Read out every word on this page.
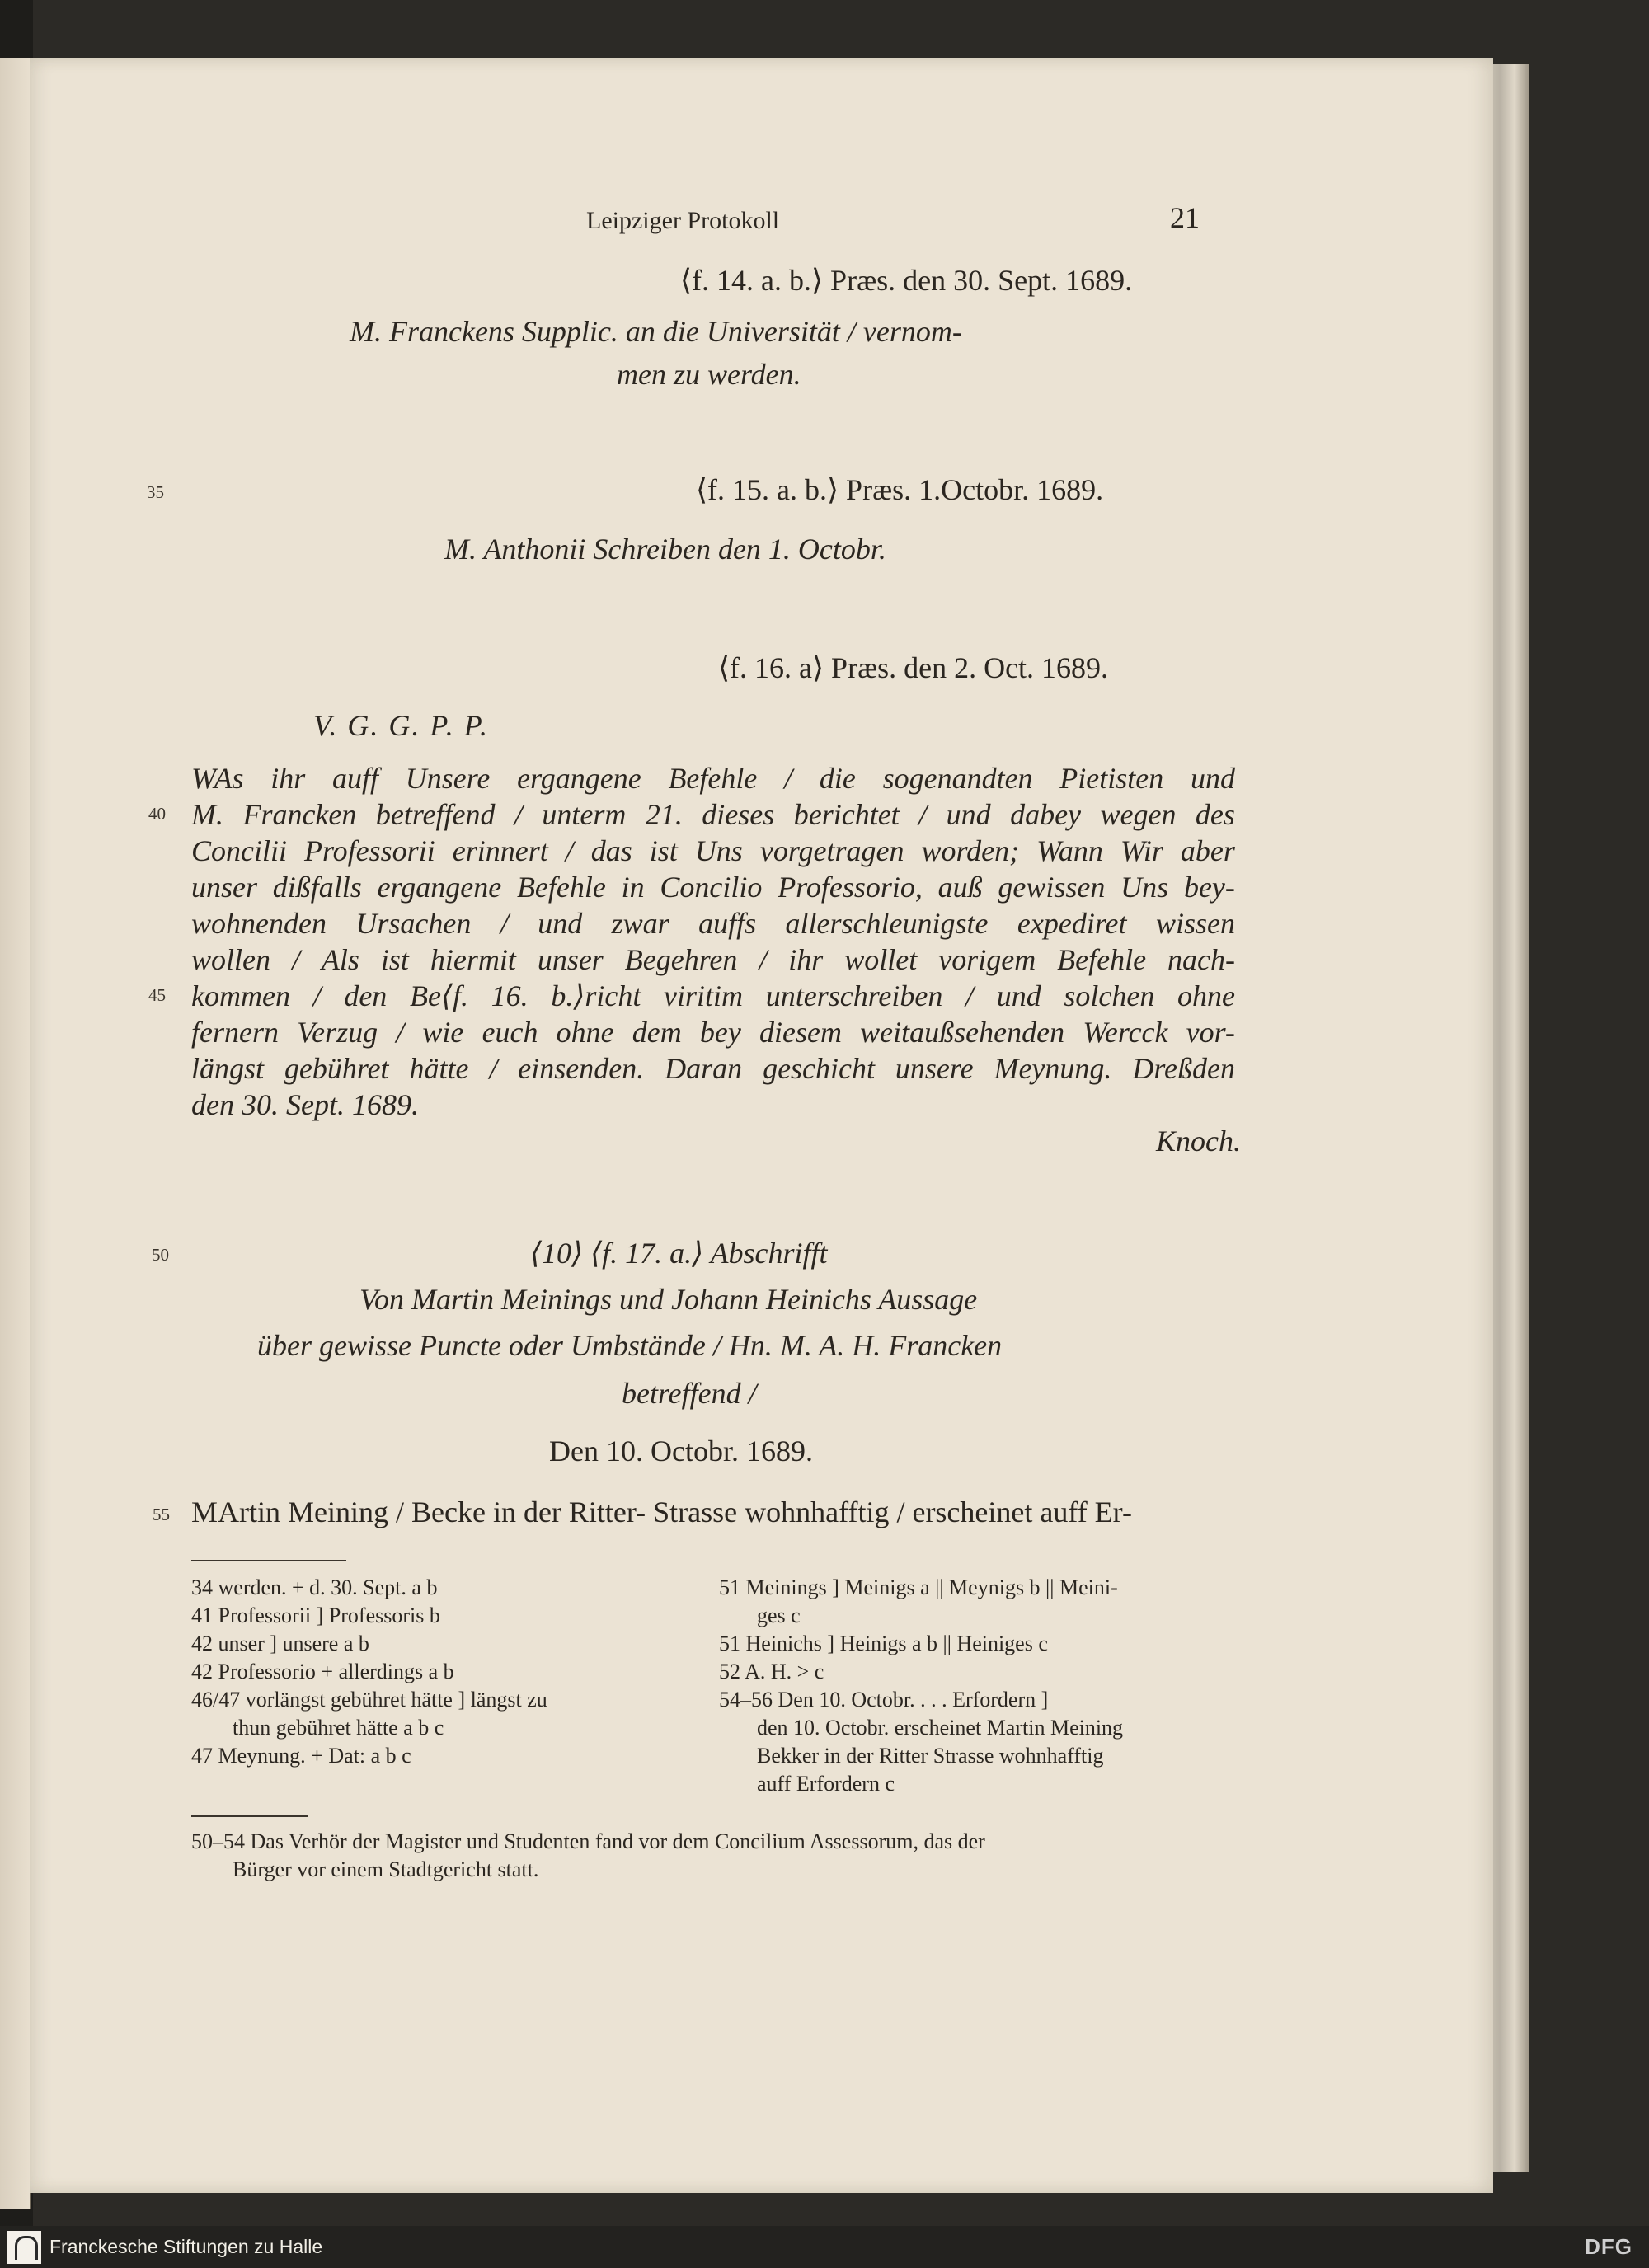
Leipziger Protokoll	21
⟨f. 14. a. b.⟩ Præs. den 30. Sept. 1689.
M. Franckens Supplic. an die Universität / vernom-
men zu werden.
35	⟨f. 15. a. b.⟩ Præs. 1.Octobr. 1689.
M. Anthonii Schreiben den 1. Octobr.
⟨f. 16. a⟩ Præs. den 2. Oct. 1689.
V. G. G. P. P.
WAs ihr auff Unsere ergangene Befehle / die sogenandten Pietisten und
40 M. Francken betreffend / unterm 21. dieses berichtet / und dabey wegen des
Concilii Professorii erinnert / das ist Uns vorgetragen worden; Wann Wir aber
unser dißfalls ergangene Befehle in Concilio Professorio, auß gewissen Uns bey-
wohnenden Ursachen / und zwar auffs allerschleunigste expediret wissen
wollen / Als ist hiermit unser Begehren / ihr wollet vorigem Befehle nach-
45 kommen / den Be⟨f. 16. b.⟩richt viritim unterschreiben / und solchen ohne
fernern Verzug / wie euch ohne dem bey diesem weitaußsehenden Wercck vor-
längst gebühret hätte / einsenden. Daran geschicht unsere Meynung. Dreßden
den 30. Sept. 1689.
Knoch.
50	⟨10⟩ ⟨f. 17. a.⟩ Abschrifft
Von Martin Meinings und Johann Heinichs Aussage
über gewisse Puncte oder Umbstände / Hn. M. A. H. Francken
betreffend /
Den 10. Octobr. 1689.
55 MArtin Meining / Becke in der Ritter- Strasse wohnhafftig / erscheinet auff Er-
34 werden. + d. 30. Sept. a b
41 Professorii ] Professoris b
42 unser ] unsere a b
42 Professorio + allerdings a b
46/47 vorlängst gebühret hätte ] längst zu
thun gebühret hätte a b c
47 Meynung. + Dat: a b c
51 Meinings ] Meinigs a || Meynigs b || Meini-
ges c
51 Heinichs ] Heinigs a b || Heiniges c
52 A. H. > c
54–56 Den 10. Octobr. . . . Erfordern ]
den 10. Octobr. erscheinet Martin Meining
Bekker in der Ritter Strasse wohnhafftig
auff Erfordern c
50–54 Das Verhör der Magister und Studenten fand vor dem Concilium Assessorum, das der
Bürger vor einem Stadtgericht statt.
Franckesche Stiftungen zu Halle	DFG
